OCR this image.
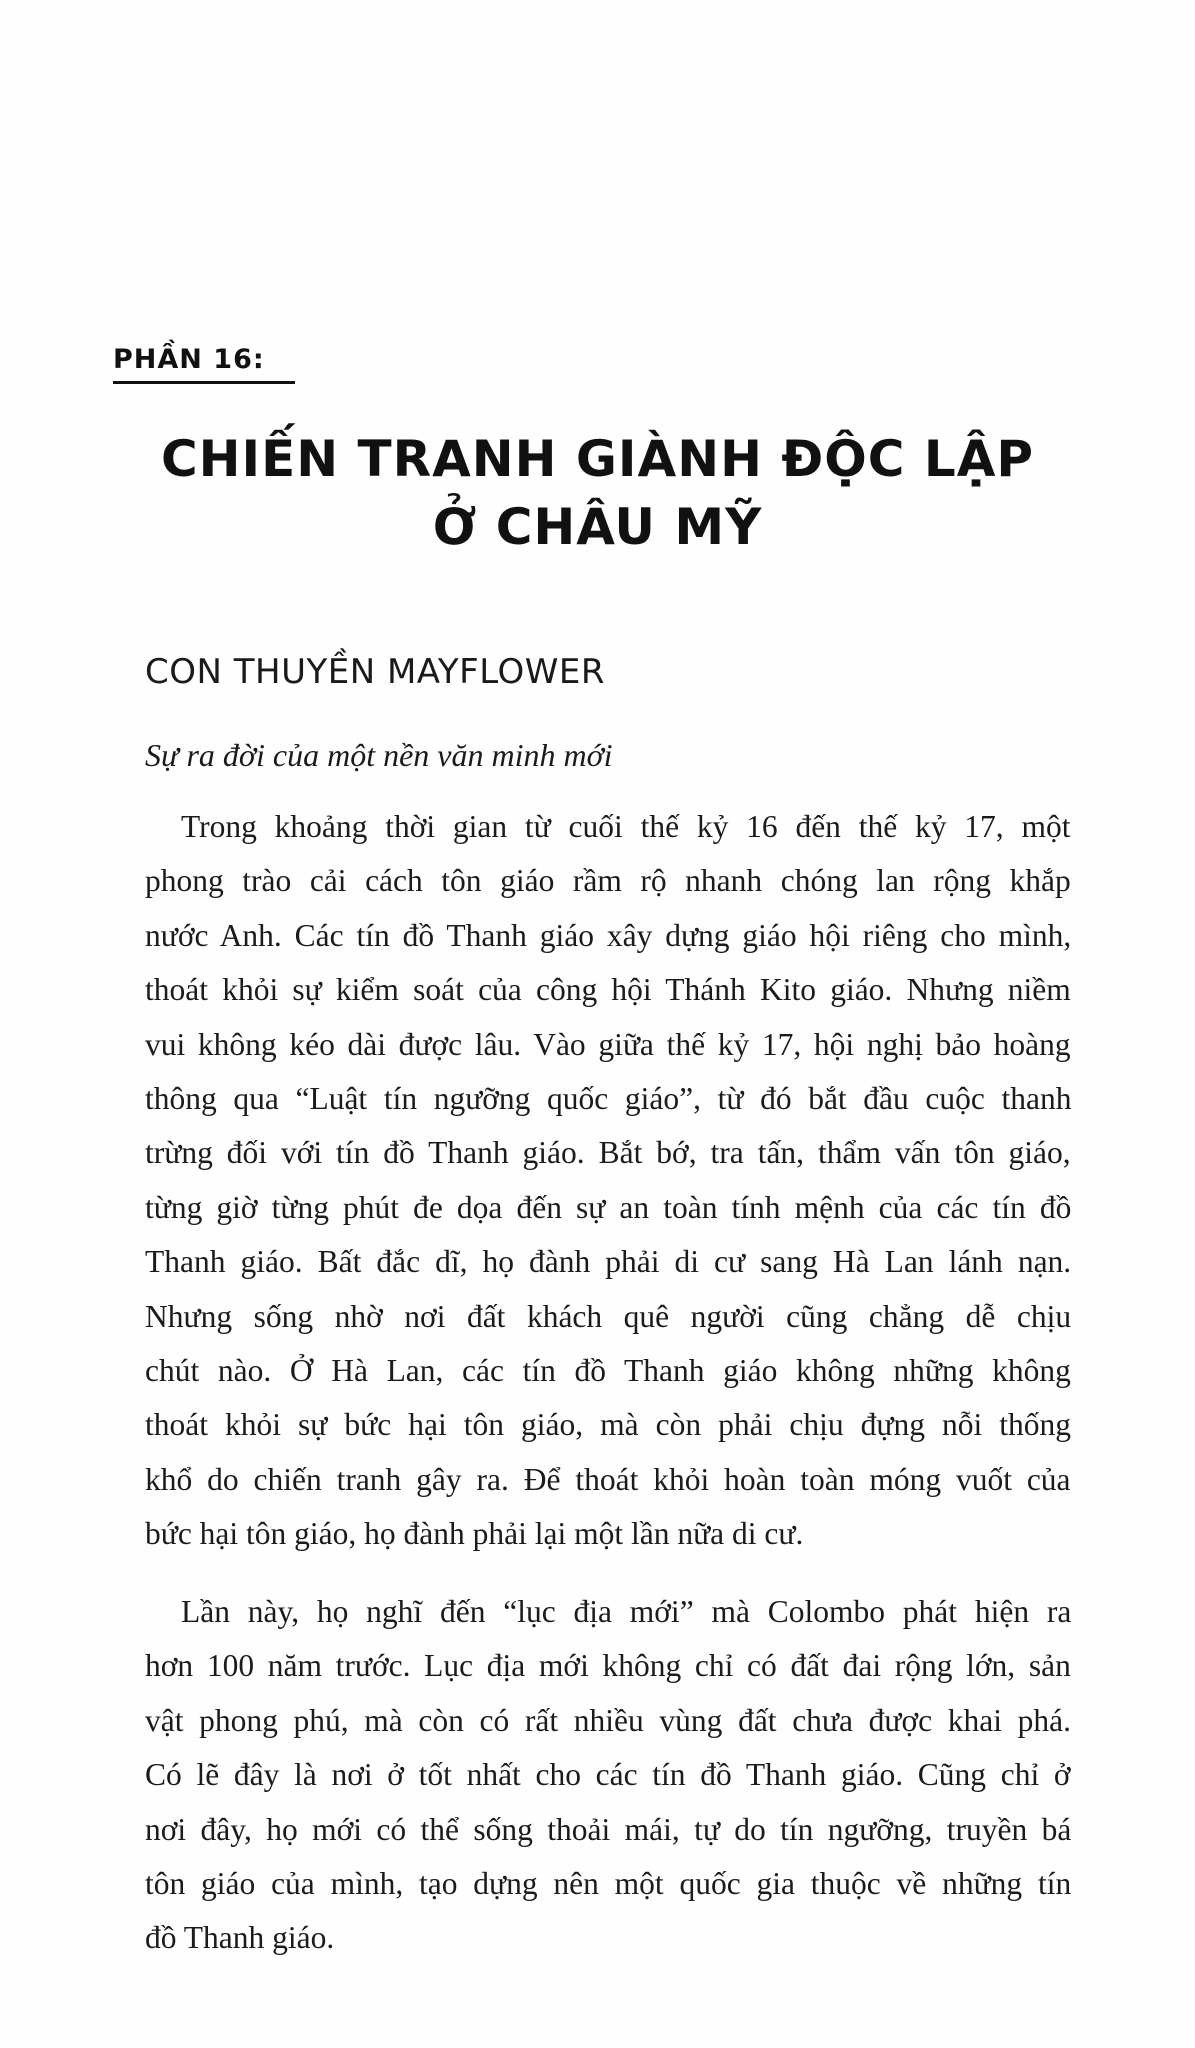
PHẦN 16:
CHIẾN TRANH GIÀNH ĐỘC LẬP
Ở CHÂU MỸ
CON THUYỀN MAYFLOWER
Sự ra đời của một nền văn minh mới
Trong khoảng thời gian từ cuối thế kỷ 16 đến thế kỷ 17, một
phong trào cải cách tôn giáo rầm rộ nhanh chóng lan rộng khắp
nước Anh. Các tín đồ Thanh giáo xây dựng giáo hội riêng cho mình,
thoát khỏi sự kiểm soát của công hội Thánh Kito giáo. Nhưng niềm
vui không kéo dài được lâu. Vào giữa thế kỷ 17, hội nghị bảo hoàng
thông qua “Luật tín ngưỡng quốc giáo”, từ đó bắt đầu cuộc thanh
trừng đối với tín đồ Thanh giáo. Bắt bớ, tra tấn, thẩm vấn tôn giáo,
từng giờ từng phút đe dọa đến sự an toàn tính mệnh của các tín đồ
Thanh giáo. Bất đắc dĩ, họ đành phải di cư sang Hà Lan lánh nạn.
Nhưng sống nhờ nơi đất khách quê người cũng chẳng dễ chịu
chút nào. Ở Hà Lan, các tín đồ Thanh giáo không những không
thoát khỏi sự bức hại tôn giáo, mà còn phải chịu đựng nỗi thống
khổ do chiến tranh gây ra. Để thoát khỏi hoàn toàn móng vuốt của
bức hại tôn giáo, họ đành phải lại một lần nữa di cư.
Lần này, họ nghĩ đến “lục địa mới” mà Colombo phát hiện ra
hơn 100 năm trước. Lục địa mới không chỉ có đất đai rộng lớn, sản
vật phong phú, mà còn có rất nhiều vùng đất chưa được khai phá.
Có lẽ đây là nơi ở tốt nhất cho các tín đồ Thanh giáo. Cũng chỉ ở
nơi đây, họ mới có thể sống thoải mái, tự do tín ngưỡng, truyền bá
tôn giáo của mình, tạo dựng nên một quốc gia thuộc về những tín
đồ Thanh giáo.
